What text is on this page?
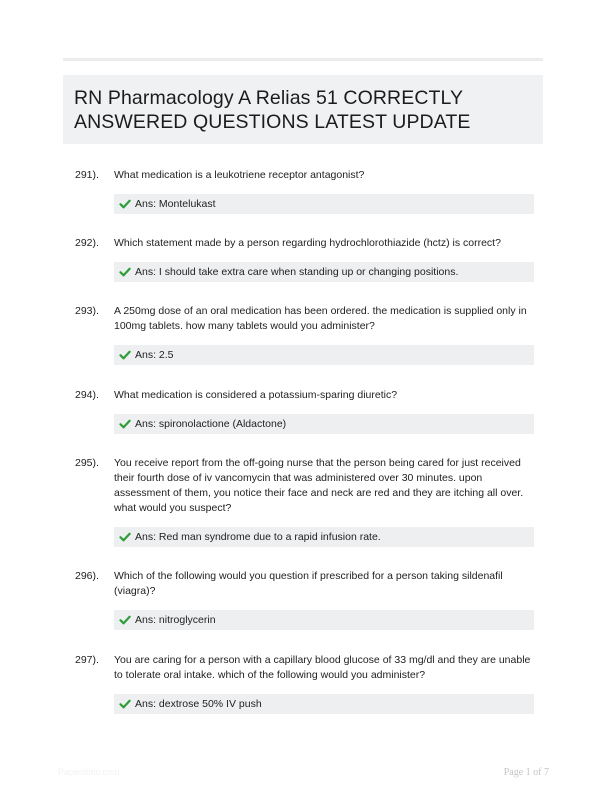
RN Pharmacology A Relias 51 CORRECTLY
ANSWERED QUESTIONS LATEST UPDATE
291).	What medication is a leukotriene receptor antagonist?
Ans: Montelukast
292).	Which statement made by a person regarding hydrochlorothiazide (hctz) is correct?
Ans: I should take extra care when standing up or changing positions.
293).	A 250mg dose of an oral medication has been ordered. the medication is supplied only in 100mg tablets. how many tablets would you administer?
Ans: 2.5
294).	What medication is considered a potassium-sparing diuretic?
Ans: spironolactione (Aldactone)
295).	You receive report from the off-going nurse that the person being cared for just received their fourth dose of iv vancomycin that was administered over 30 minutes. upon assessment of them, you notice their face and neck are red and they are itching all over. what would you suspect?
Ans: Red man syndrome due to a rapid infusion rate.
296).	Which of the following would you question if prescribed for a person taking sildenafil (viagra)?
Ans: nitroglycerin
297).	You are caring for a person with a capillary blood glucose of 33 mg/dl and they are unable to tolerate oral intake. which of the following would you administer?
Ans: dextrose 50% IV push
Paperlibtic.com	Page 1 of 7
